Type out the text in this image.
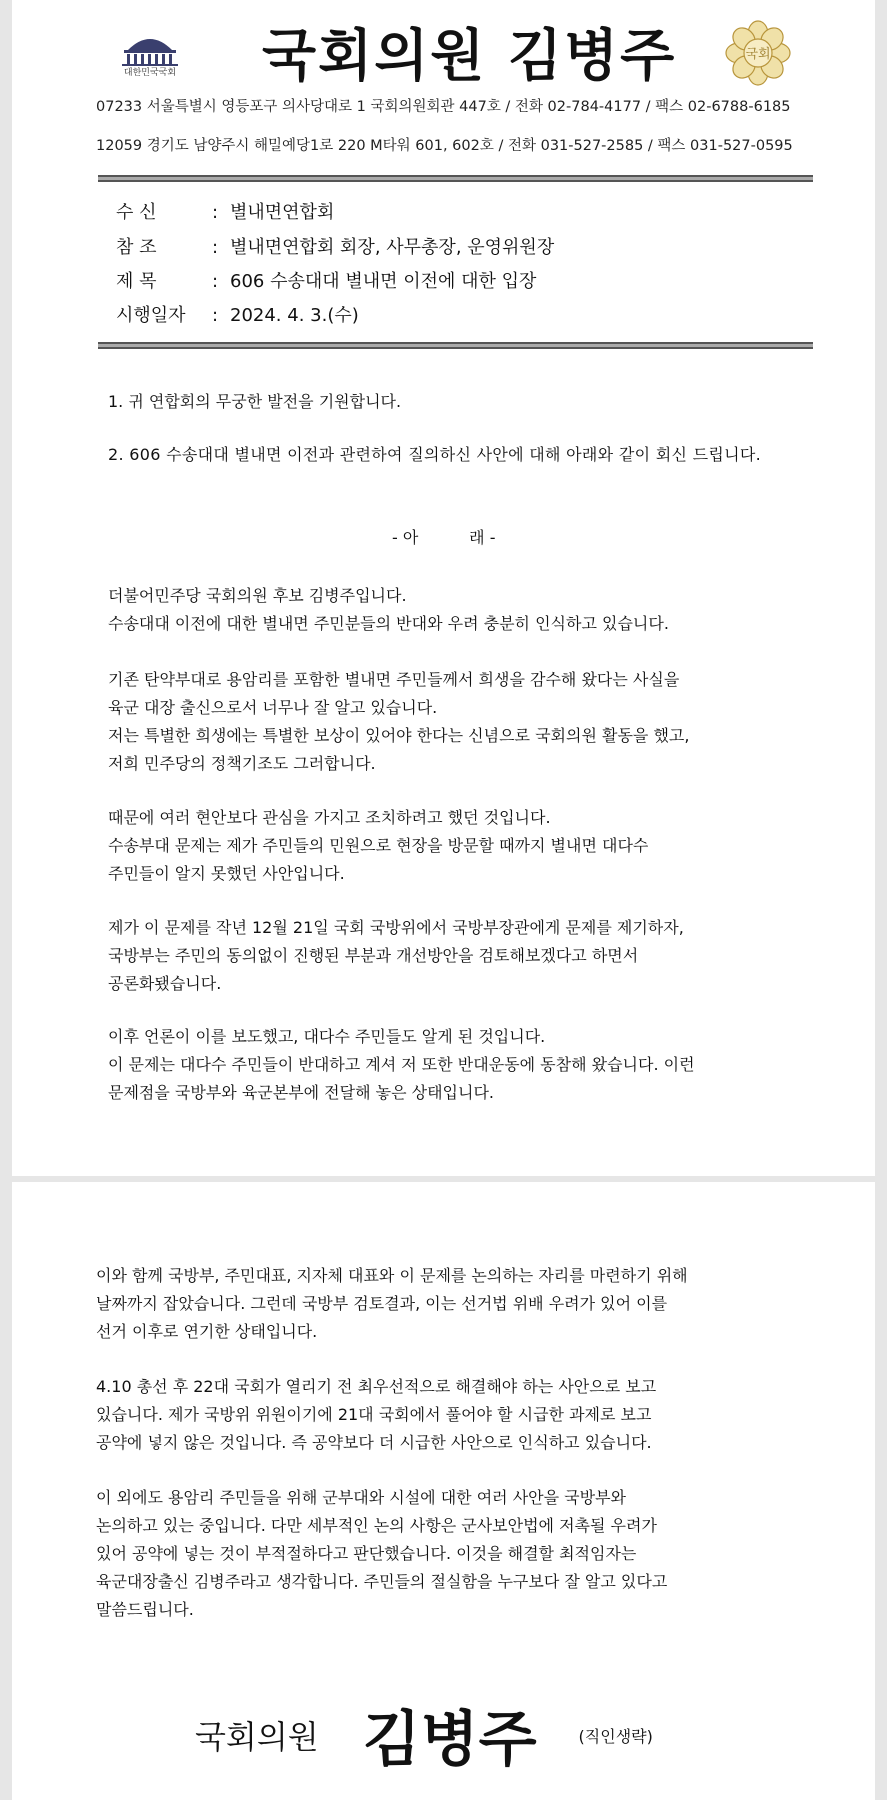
대한민국국회 국회의원 김병주	국회
07233 서울특별시 영등포구 의사당대로 1 국회의원회관 447호 / 전화 02-784-4177 / 팩스 02-6788-6185
12059 경기도 남양주시 해밀예당1로 220 M타워 601, 602호 / 전화 031-527-2585 / 팩스 031-527-0595
수 신	: 별내면연합회
참 조	: 별내면연합회 회장, 사무총장, 운영위원장
제 목	: 606 수송대대 별내면 이전에 대한 입장
시행일자 : 2024. 4. 3.(수)
1. 귀 연합회의 무궁한 발전을 기원합니다.
2. 606 수송대대 별내면 이전과 관련하여 질의하신 사안에 대해 아래와 같이 회신 드립니다.
- 아          래 -

더불어민주당 국회의원 후보 김병주입니다.

수송대대 이전에 대한 별내면 주민분들의 반대와 우려 충분히 인식하고 있습니다.

기존 탄약부대로 용암리를 포함한 별내면 주민들께서 희생을 감수해 왔다는 사실을

육군 대장 출신으로서 너무나 잘 알고 있습니다.

저는 특별한 희생에는 특별한 보상이 있어야 한다는 신념으로 국회의원 활동을 했고,

저희 민주당의 정책기조도 그러합니다.

때문에 여러 현안보다 관심을 가지고 조치하려고 했던 것입니다.

수송부대 문제는 제가 주민들의 민원으로 현장을 방문할 때까지 별내면 대다수

주민들이 알지 못했던 사안입니다.

제가 이 문제를 작년 12월 21일 국회 국방위에서 국방부장관에게 문제를 제기하자,

국방부는 주민의 동의없이 진행된 부분과 개선방안을 검토해보겠다고 하면서

공론화됐습니다.

이후 언론이 이를 보도했고, 대다수 주민들도 알게 된 것입니다.

이 문제는 대다수 주민들이 반대하고 계셔 저 또한 반대운동에 동참해 왔습니다. 이런

문제점을 국방부와 육군본부에 전달해 놓은 상태입니다.

이와 함께 국방부, 주민대표, 지자체 대표와 이 문제를 논의하는 자리를 마련하기 위해

날짜까지 잡았습니다. 그런데 국방부 검토결과, 이는 선거법 위배 우려가 있어 이를

선거 이후로 연기한 상태입니다.

4.10 총선 후 22대 국회가 열리기 전 최우선적으로 해결해야 하는 사안으로 보고

있습니다. 제가 국방위 위원이기에 21대 국회에서 풀어야 할 시급한 과제로 보고

공약에 넣지 않은 것입니다. 즉 공약보다 더 시급한 사안으로 인식하고 있습니다.

이 외에도 용암리 주민들을 위해 군부대와 시설에 대한 여러 사안을 국방부와

논의하고 있는 중입니다. 다만 세부적인 논의 사항은 군사보안법에 저촉될 우려가

있어 공약에 넣는 것이 부적절하다고 판단했습니다. 이것을 해결할 최적임자는

육군대장출신 김병주라고 생각합니다. 주민들의 절실함을 누구보다 잘 알고 있다고

말씀드립니다.

국회의원 김병주	(직인생략)
